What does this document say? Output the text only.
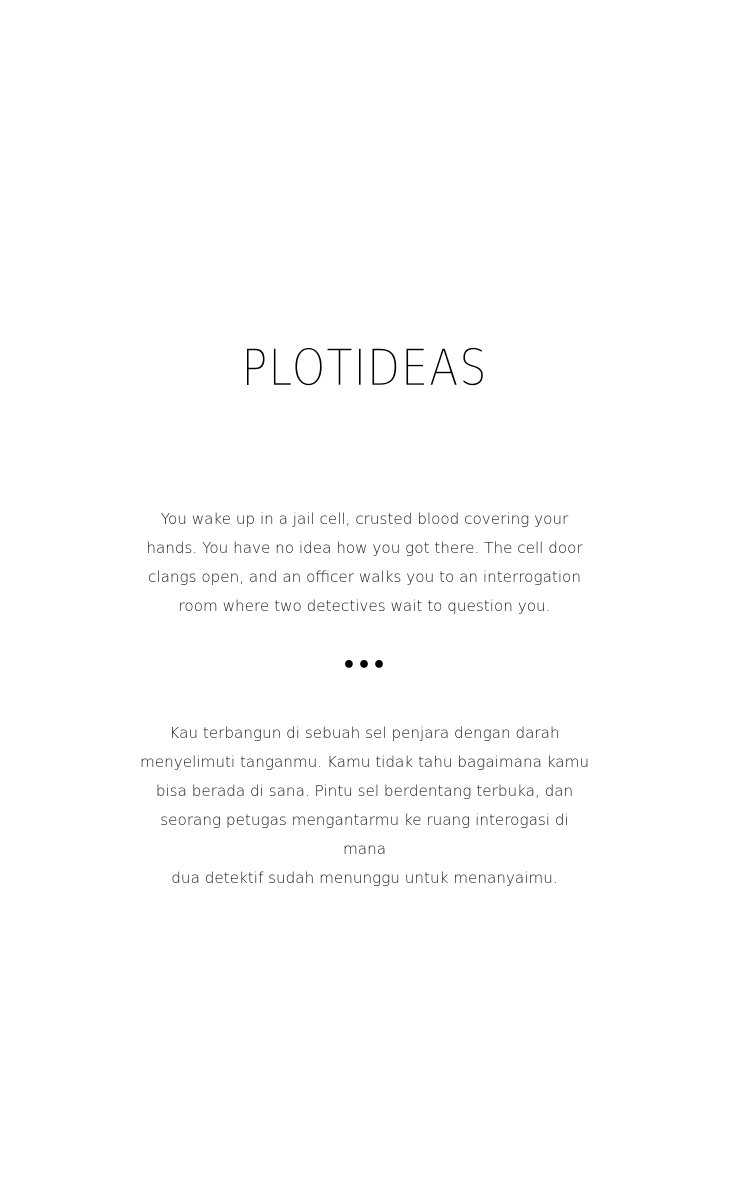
PLOTIDEAS
You wake up in a jail cell, crusted blood covering your
hands. You have no idea how you got there. The cell door
clangs open, and an officer walks you to an interrogation
room where two detectives wait to question you.
•••
Kau terbangun di sebuah sel penjara dengan darah
menyelimuti tanganmu. Kamu tidak tahu bagaimana kamu
bisa berada di sana. Pintu sel berdentang terbuka, dan
seorang petugas mengantarmu ke ruang interogasi di mana
dua detektif sudah menunggu untuk menanyaimu.
